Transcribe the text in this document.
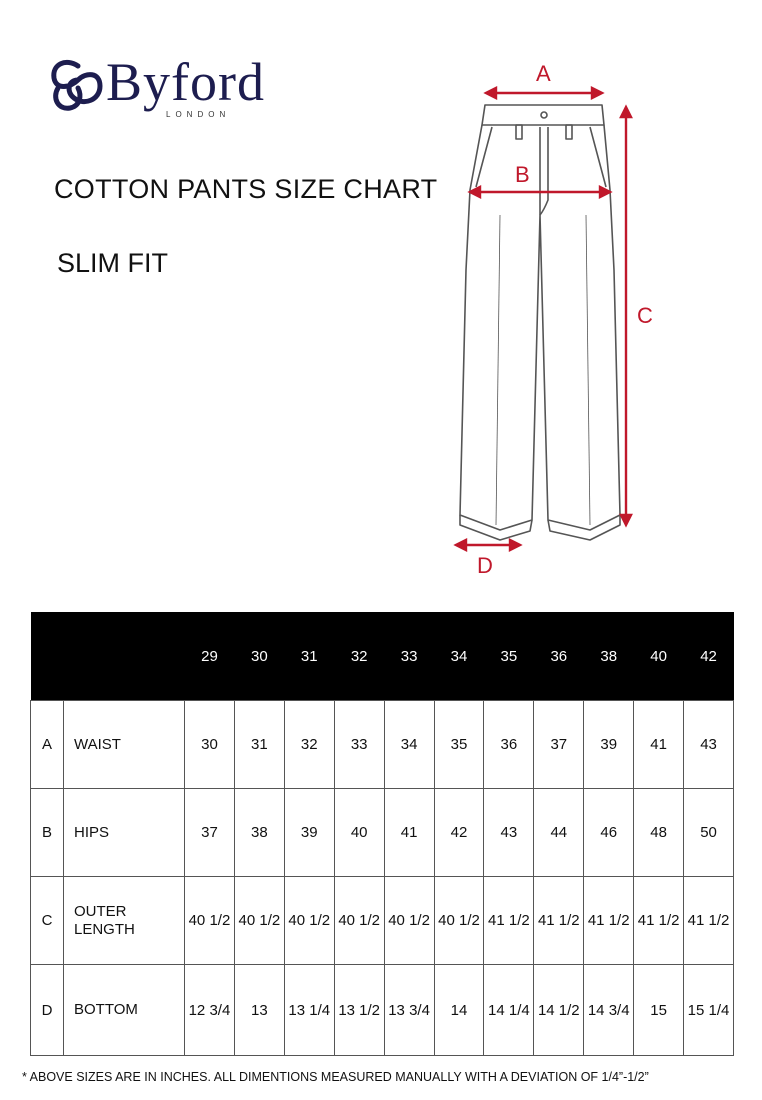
Byford
LONDON
COTTON PANTS SIZE CHART
SLIM FIT
A
B
C
D
		29	30	31	32	33	34	35	36	38	40	42
A	WAIST	30	31	32	33	34	35	36	37	39	41	43
B	HIPS	37	38	39	40	41	42	43	44	46	48	50
C	OUTER LENGTH	40 1/2	40 1/2	40 1/2	40 1/2	40 1/2	40 1/2	41 1/2	41 1/2	41 1/2	41 1/2	41 1/2
D	BOTTOM	12 3/4	13	13 1/4	13 1/2	13 3/4	14	14 1/4	14 1/2	14 3/4	15	15 1/4
* ABOVE SIZES ARE IN INCHES. ALL DIMENTIONS MEASURED MANUALLY WITH A DEVIATION OF 1/4”-1/2”
